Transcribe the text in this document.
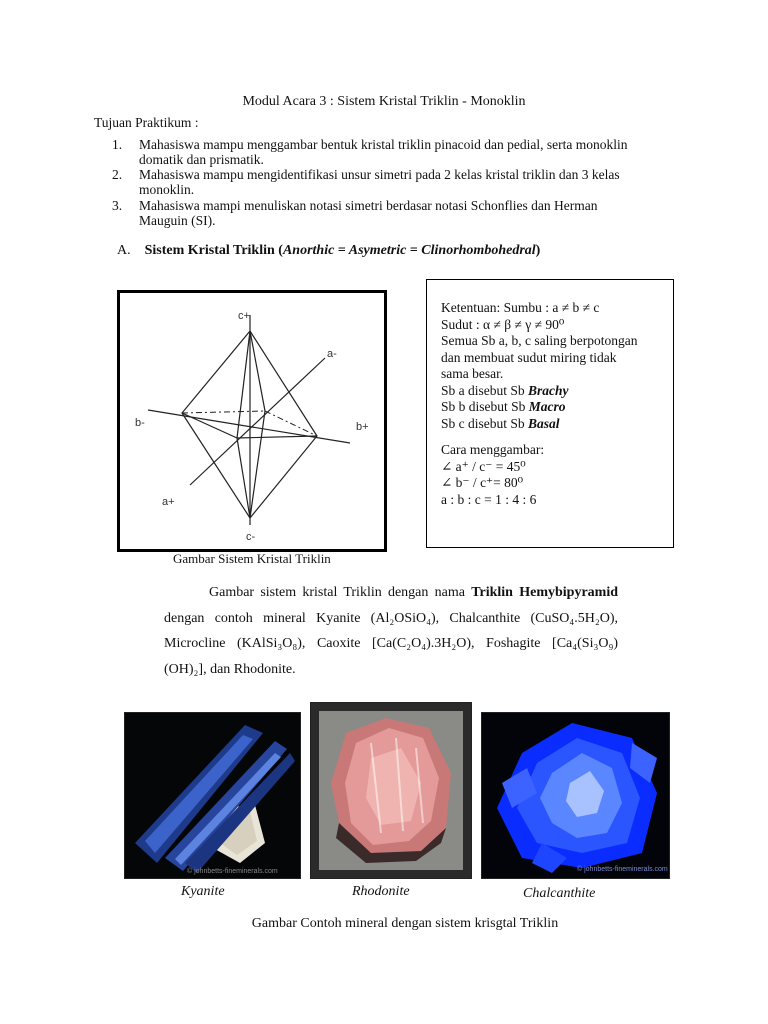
Modul Acara 3 : Sistem Kristal Triklin - Monoklin
Tujuan Praktikum :
1. Mahasiswa mampu menggambar bentuk kristal triklin pinacoid dan pedial, serta monoklin
domatik dan prismatik.
2. Mahasiswa mampu mengidentifikasi unsur simetri pada 2 kelas kristal triklin dan 3 kelas
monoklin.
3. Mahasiswa mampi menuliskan notasi simetri berdasar notasi Schonflies dan Herman
Mauguin (SI).
A. Sistem Kristal Triklin (Anorthic = Asymetric = Clinorhombohedral)
c+
c-
a-
a+
b-	b+
Gambar Sistem Kristal Triklin
Ketentuan: Sumbu : a ≠ b ≠ c
Sudut : α ≠ β ≠ γ ≠ 90⁰
Semua Sb a, b, c saling berpotongan
dan membuat sudut miring tidak
sama besar.
Sb a disebut Sb Brachy
Sb b disebut Sb Macro
Sb c disebut Sb Basal
Cara menggambar:
∠ a⁺ / c⁻ = 45⁰
∠ b⁻ / c⁺= 80⁰
a : b : c = 1 : 4 : 6
Gambar sistem kristal Triklin dengan nama Triklin Hemybipyramid dengan contoh mineral Kyanite (Al₂OSiO₄), Chalcanthite (CuSO₄.5H₂O), Microcline (KAlSi₃O₈), Caoxite [Ca(C₂O₄).3H₂O), Foshagite [Ca₄(Si₃O₉)(OH)₂], dan Rhodonite.
© johnbetts-fineminerals.com	© johnbetts-fineminerals.com
Kyanite	Rhodonite	Chalcanthite
Gambar Contoh mineral dengan sistem krisgtal Triklin
